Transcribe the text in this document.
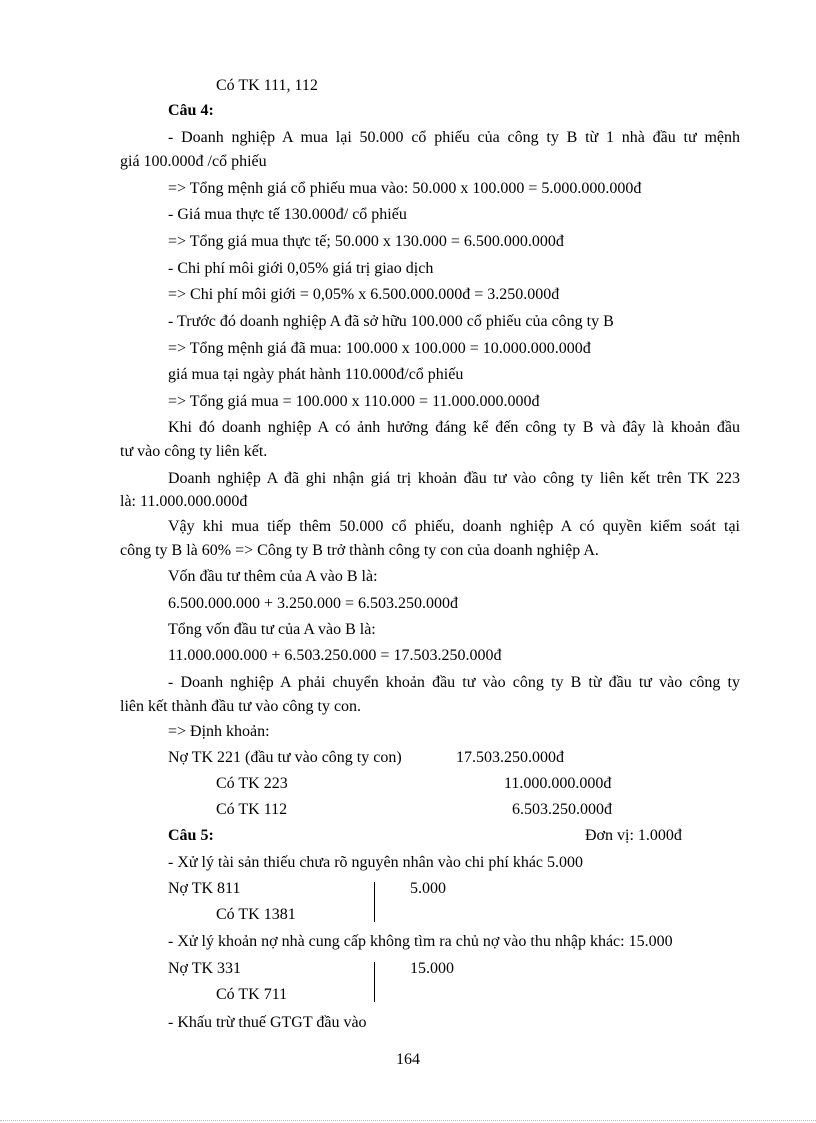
Có TK 111, 112
Câu 4:
- Doanh nghiệp A mua lại 50.000 cổ phiếu của công ty B từ 1 nhà đầu tư mệnh
giá 100.000đ /cổ phiếu
=> Tổng mệnh giá cổ phiếu mua vào: 50.000 x 100.000 = 5.000.000.000đ
- Giá mua thực tế 130.000đ/ cổ phiếu
=> Tổng giá mua thực tế; 50.000 x 130.000 = 6.500.000.000đ
- Chi phí môi giới 0,05% giá trị giao dịch
=> Chi phí môi giới = 0,05% x 6.500.000.000đ = 3.250.000đ
- Trước đó doanh nghiệp A đã sở hữu 100.000 cổ phiếu của công ty B
=> Tổng mệnh giá đã mua: 100.000 x 100.000 = 10.000.000.000đ
giá mua tại ngày phát hành 110.000đ/cổ phiếu
=> Tổng giá mua = 100.000 x 110.000 = 11.000.000.000đ
Khi đó doanh nghiệp A có ảnh hưởng đáng kể đến công ty B và đây là khoản đầu
tư vào công ty liên kết.
Doanh nghiệp A đã ghi nhận giá trị khoản đầu tư vào công ty liên kết trên TK 223
là: 11.000.000.000đ
Vậy khi mua tiếp thêm 50.000 cổ phiếu, doanh nghiệp A có quyền kiểm soát tại
công ty B là 60% => Công ty B trở thành công ty con của doanh nghiệp A.
Vốn đầu tư thêm của A vào B là:
6.500.000.000 + 3.250.000 = 6.503.250.000đ
Tổng vốn đầu tư của A vào B là:
11.000.000.000 + 6.503.250.000 = 17.503.250.000đ
- Doanh nghiệp A phải chuyển khoản đầu tư vào công ty B từ đầu tư vào công ty
liên kết thành đầu tư vào công ty con.
=> Định khoản:
Nợ TK 221 (đầu tư vào công ty con)	17.503.250.000đ
Có TK 223	11.000.000.000đ
Có TK 112	6.503.250.000đ
Câu 5:	Đơn vị: 1.000đ
- Xử lý tài sản thiếu chưa rõ nguyên nhân vào chi phí khác 5.000
Nợ TK 811	5.000
Có TK 1381
- Xử lý khoản nợ nhà cung cấp không tìm ra chủ nợ vào thu nhập khác: 15.000
Nợ TK 331	15.000
Có TK 711
- Khấu trừ thuế GTGT đầu vào
164
